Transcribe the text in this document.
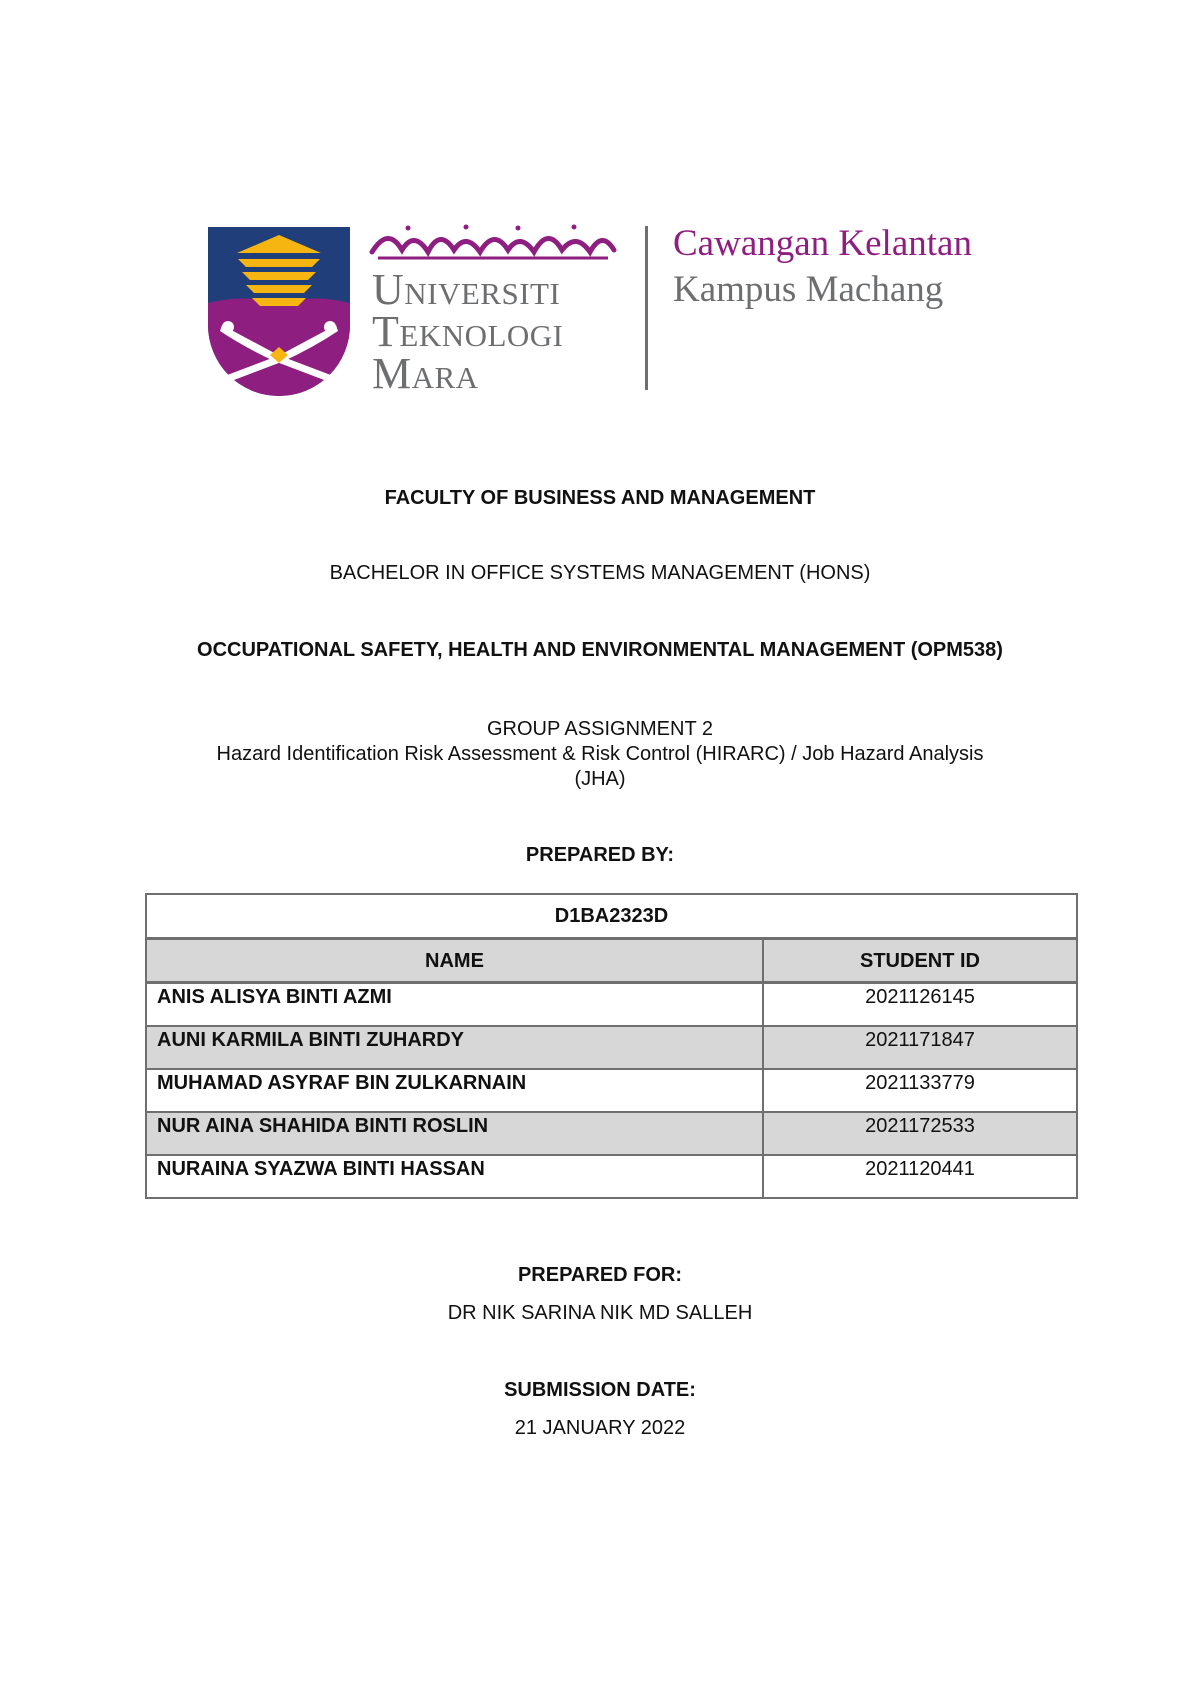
Universiti
Teknologi
Mara
Cawangan Kelantan
Kampus Machang
FACULTY OF BUSINESS AND MANAGEMENT
BACHELOR IN OFFICE SYSTEMS MANAGEMENT (HONS)
OCCUPATIONAL SAFETY, HEALTH AND ENVIRONMENTAL MANAGEMENT (OPM538)
GROUP ASSIGNMENT 2
Hazard Identification Risk Assessment & Risk Control (HIRARC) / Job Hazard Analysis
(JHA)
PREPARED BY:
D1BA2323D	
NAME	STUDENT ID
ANIS ALISYA BINTI AZMI	2021126145
AUNI KARMILA BINTI ZUHARDY	2021171847
MUHAMAD ASYRAF BIN ZULKARNAIN	2021133779
NUR AINA SHAHIDA BINTI ROSLIN	2021172533
NURAINA SYAZWA BINTI HASSAN	2021120441
PREPARED FOR:
DR NIK SARINA NIK MD SALLEH
SUBMISSION DATE:
21 JANUARY 2022
